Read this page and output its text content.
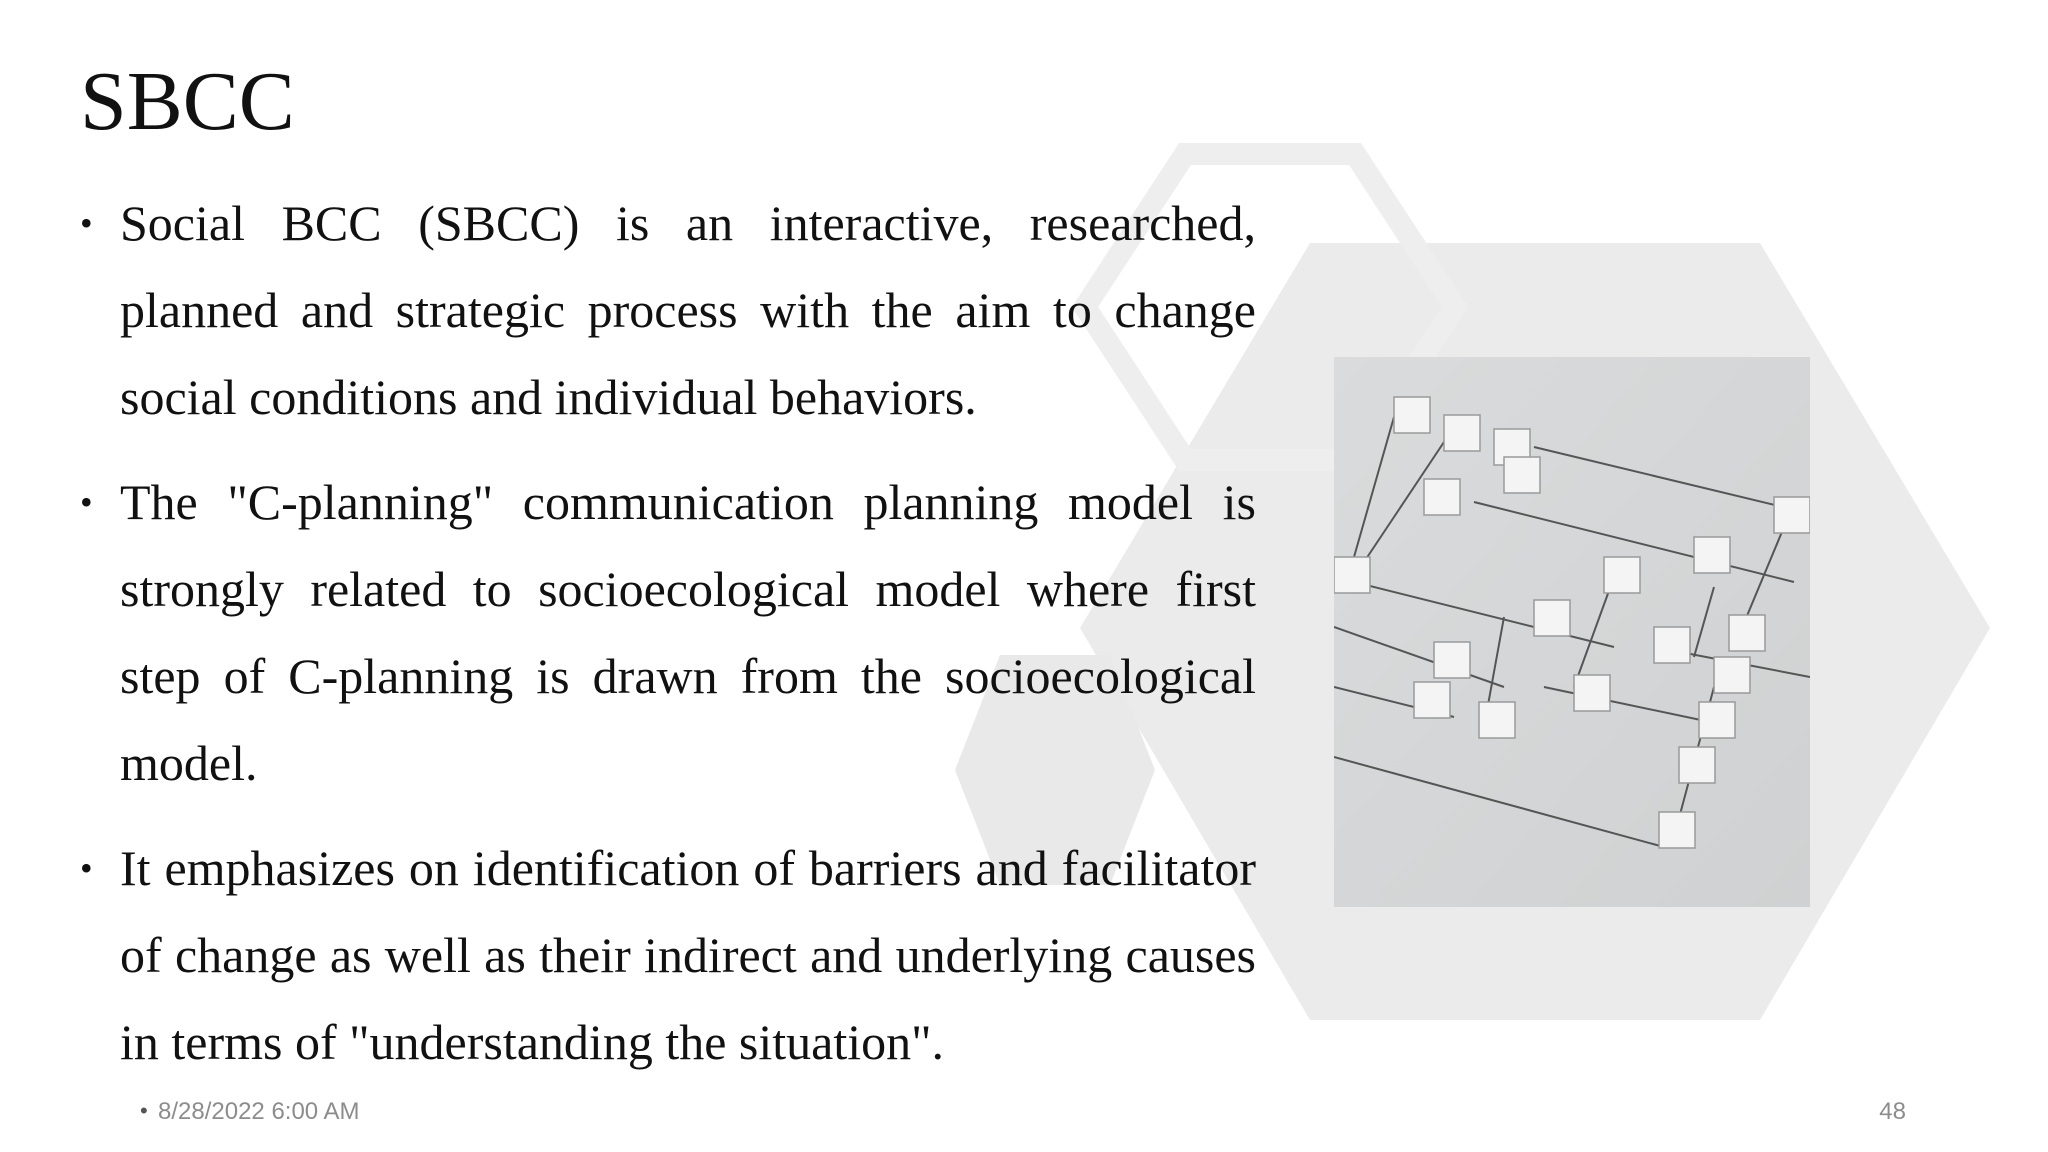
SBCC
• Social BCC (SBCC) is an interactive, researched, planned and strategic process with the aim to change social conditions and individual behaviors.
• The "C-planning" communication planning model is strongly related to socioecological model where first step of C-planning is drawn from the socioecological model.
• It emphasizes on identification of barriers and facilitator of change as well as their indirect and underlying causes in terms of "understanding the situation".
• 8/28/2022 6:00 AM	48
